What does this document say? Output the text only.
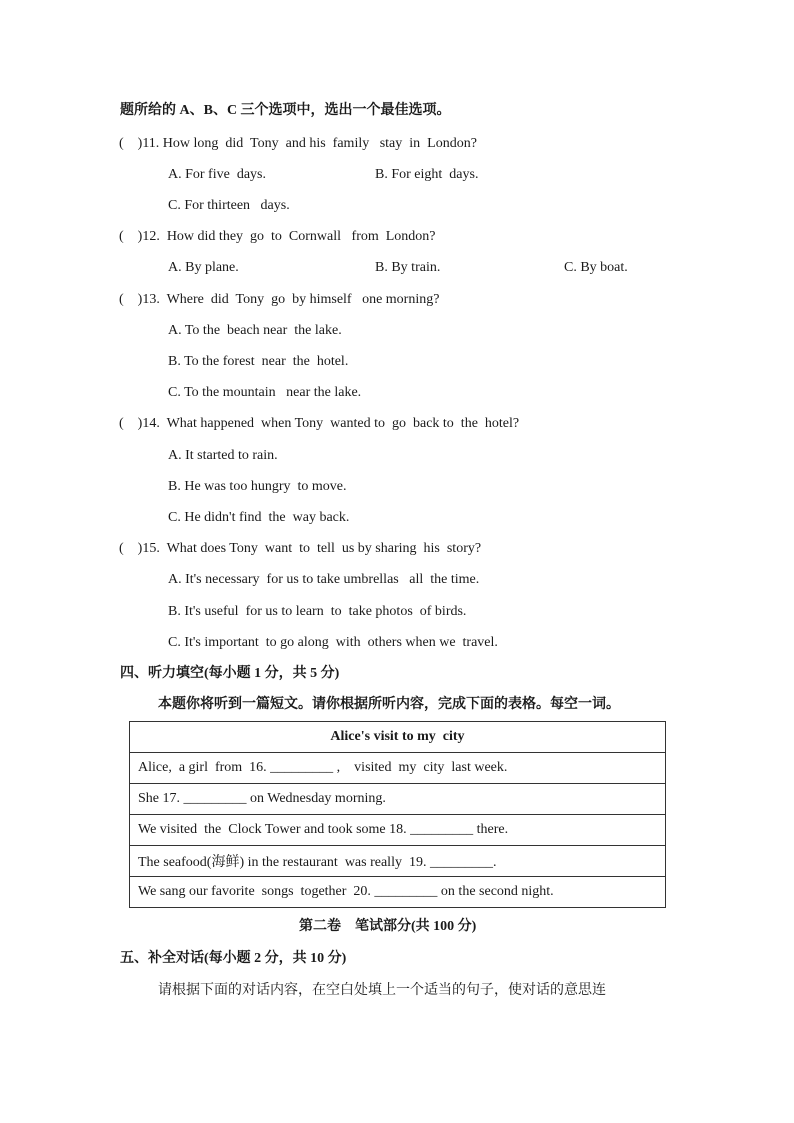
题所给的 A、B、C 三个选项中，选出一个最佳选项。
(    )11. How long  did  Tony  and his  family   stay  in  London?
A. For five  days.	B. For eight  days.
C. For thirteen   days.
(    )12.  How did they  go  to  Cornwall   from  London?
A. By plane.	B. By train.	C. By boat.
(    )13.  Where  did  Tony  go  by himself   one morning?
A. To the  beach near  the lake.
B. To the forest  near  the  hotel.
C. To the mountain   near the lake.
(    )14.  What happened  when Tony  wanted to  go  back to  the  hotel?
A. It started to rain.
B. He was too hungry  to move.
C. He didn't find  the  way back.
(    )15.  What does Tony  want  to  tell  us by sharing  his  story?
A. It's necessary  for us to take umbrellas   all  the time.
B. It's useful  for us to learn  to  take photos  of birds.
C. It's important  to go along  with  others when we  travel.
四、听力填空(每小题 1 分，共 5 分)
本题你将听到一篇短文。请你根据所听内容，完成下面的表格。每空一词。
Alice's visit to my  city
Alice,  a girl  from  16. _________ ,    visited  my  city  last week.
She 17. _________ on Wednesday morning.
We visited  the  Clock Tower and took some 18. _________ there.
The seafood(海鲜) in the restaurant  was really  19. _________.
We sang our favorite  songs  together  20. _________ on the second night.
第二卷    笔试部分(共 100 分)
五、补全对话(每小题 2 分，共 10 分)
请根据下面的对话内容，在空白处填上一个适当的句子，使对话的意思连
